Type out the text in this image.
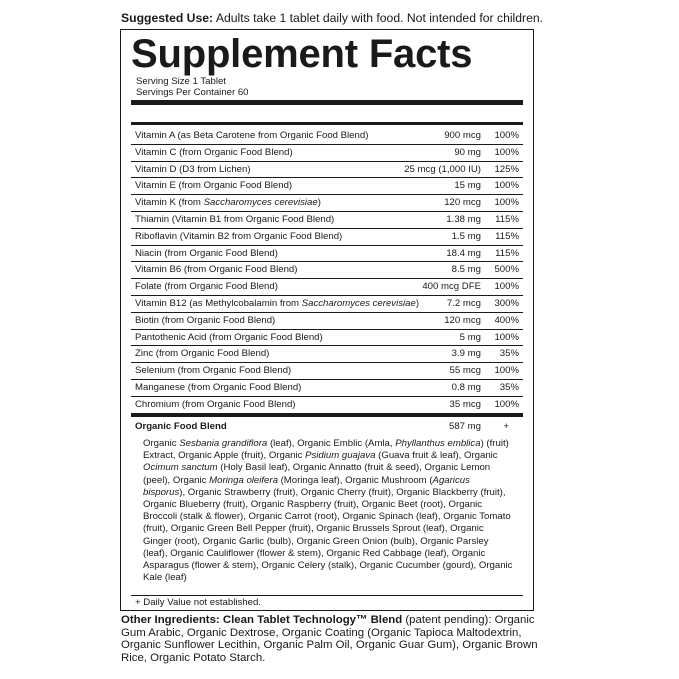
Suggested Use: Adults take 1 tablet daily with food. Not intended for children.
Supplement Facts
Serving Size 1 Tablet
Servings Per Container 60
Vitamin A (as Beta Carotene from Organic Food Blend)	900 mcg 100%
Vitamin C (from Organic Food Blend)	90 mg 100%
Vitamin D (D3 from Lichen)	25 mcg (1,000 IU) 125%
Vitamin E (from Organic Food Blend)	15 mg 100%
Vitamin K (from Saccharomyces cerevisiae)	120 mcg 100%
Thiamin (Vitamin B1 from Organic Food Blend)	1.38 mg 115%
Riboflavin (Vitamin B2 from Organic Food Blend)	1.5 mg 115%
Niacin (from Organic Food Blend)	18.4 mg 115%
Vitamin B6 (from Organic Food Blend)	8.5 mg 500%
Folate (from Organic Food Blend)	400 mcg DFE 100%
Vitamin B12 (as Methylcobalamin from Saccharomyces cerevisiae)	7.2 mcg 300%
Biotin (from Organic Food Blend)	120 mcg 400%
Pantothenic Acid (from Organic Food Blend)	5 mg 100%
Zinc (from Organic Food Blend)	3.9 mg 35%
Selenium (from Organic Food Blend)	55 mcg 100%
Manganese (from Organic Food Blend)	0.8 mg 35%
Chromium (from Organic Food Blend)	35 mcg 100%
Organic Food Blend	587 mg +
Organic Sesbania grandiflora (leaf), Organic Emblic (Amla, Phyllanthus emblica) (fruit) Extract, Organic Apple (fruit), Organic Psidium guajava (Guava fruit & leaf), Organic Ocimum sanctum (Holy Basil leaf), Organic Annatto (fruit & seed), Organic Lemon (peel), Organic Moringa oleifera (Moringa leaf), Organic Mushroom (Agaricus bisporus), Organic Strawberry (fruit), Organic Cherry (fruit), Organic Blackberry (fruit), Organic Blueberry (fruit), Organic Raspberry (fruit), Organic Beet (root), Organic Broccoli (stalk & flower), Organic Carrot (root), Organic Spinach (leaf), Organic Tomato (fruit), Organic Green Bell Pepper (fruit), Organic Brussels Sprout (leaf), Organic Ginger (root), Organic Garlic (bulb), Organic Green Onion (bulb), Organic Parsley (leaf), Organic Cauliflower (flower & stem), Organic Red Cabbage (leaf), Organic Asparagus (flower & stem), Organic Celery (stalk), Organic Cucumber (gourd), Organic Kale (leaf)
+ Daily Value not established.
Other Ingredients: Clean Tablet Technology™ Blend (patent pending): Organic Gum Arabic, Organic Dextrose, Organic Coating (Organic Tapioca Maltodextrin, Organic Sunflower Lecithin, Organic Palm Oil, Organic Guar Gum), Organic Brown Rice, Organic Potato Starch.
